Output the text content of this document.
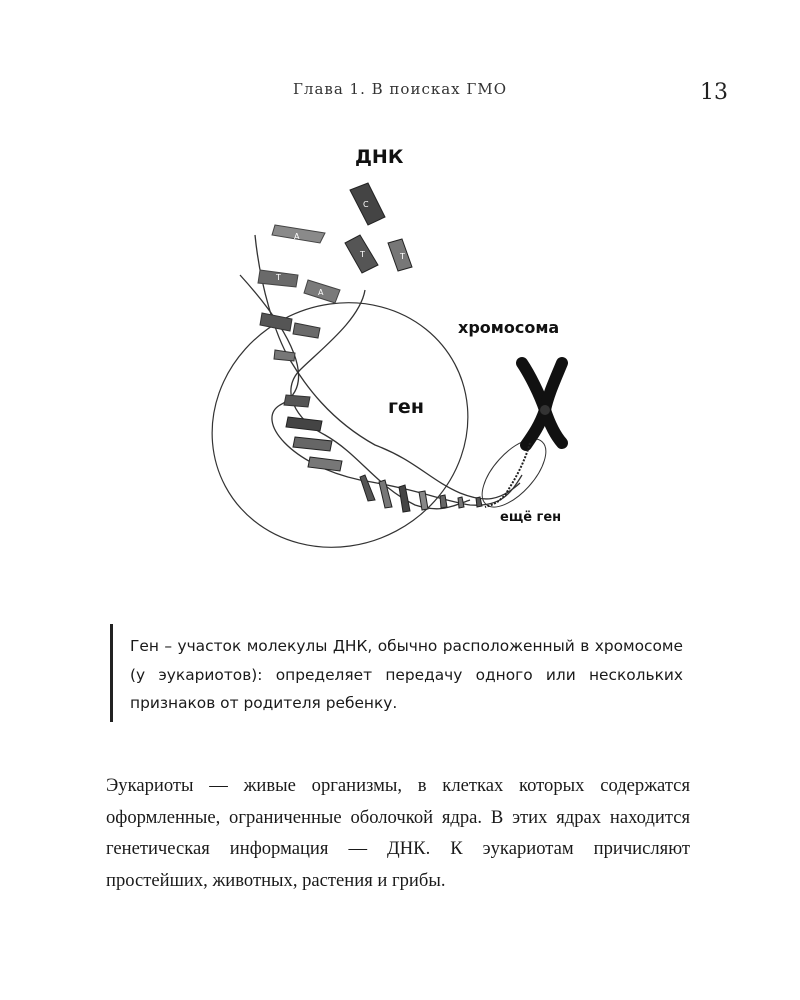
Глава 1. В поисках ГМО	13
C
A
T	T
T
A
ДНК
хромосома
ген
ещё ген

Ген – участок молекулы ДНК, обычно расположенный в хромосоме (у эукариотов): определяет передачу одного или нескольких признаков от родителя ребенку.

Эукариоты — живые организмы, в клетках которых содержатся оформленные, ограниченные оболочкой ядра. В этих ядрах находится генетическая информация — ДНК. К эукариотам причисляют простейших, животных, растения и грибы.
